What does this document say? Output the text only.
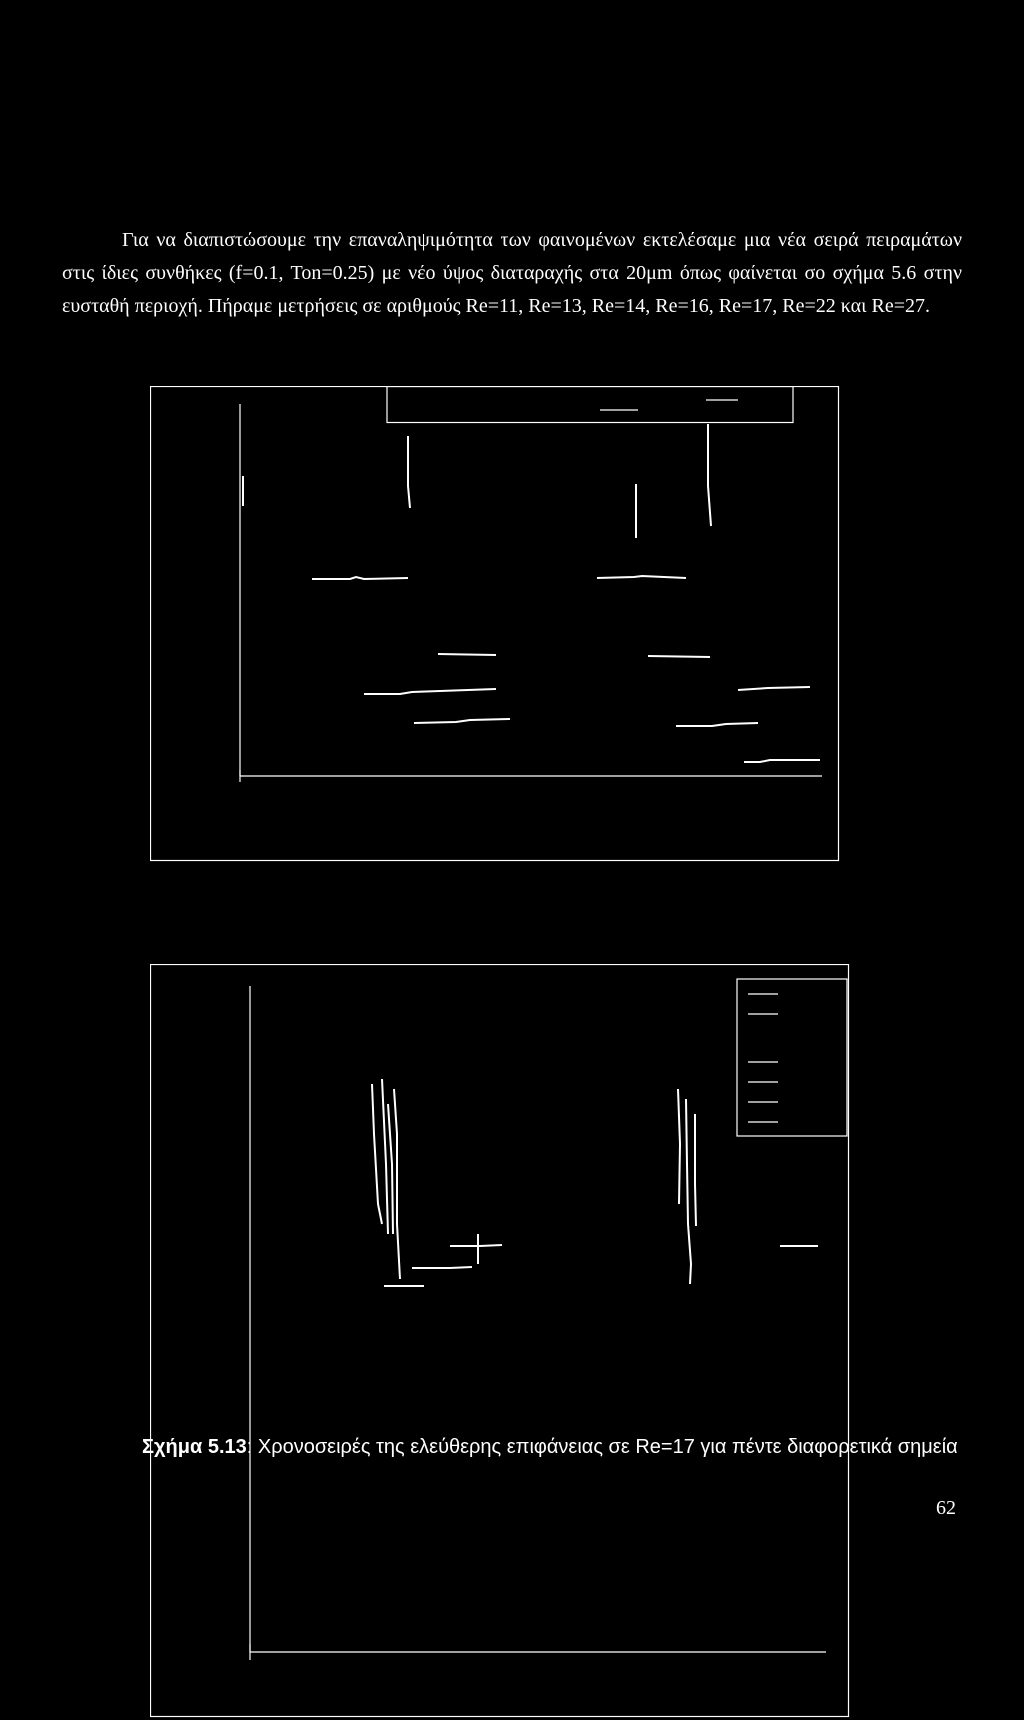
Για να διαπιστώσουμε την επαναληψιμότητα των φαινομένων εκτελέσαμε μια νέα σειρά πειραμάτων στις ίδιες συνθήκες (f=0.1, Ton=0.25) με νέο ύψος διαταραχής στα 20μm όπως φαίνεται σο σχήμα 5.6 στην ευσταθή περιοχή. Πήραμε μετρήσεις σε αριθμούς Re=11, Re=13, Re=14, Re=16, Re=17, Re=22 και Re=27.

Σχήμα 5.13: Χρονοσειρές της ελεύθερης επιφάνειας σε Re=17 για πέντε διαφορετικά σημεία
62
